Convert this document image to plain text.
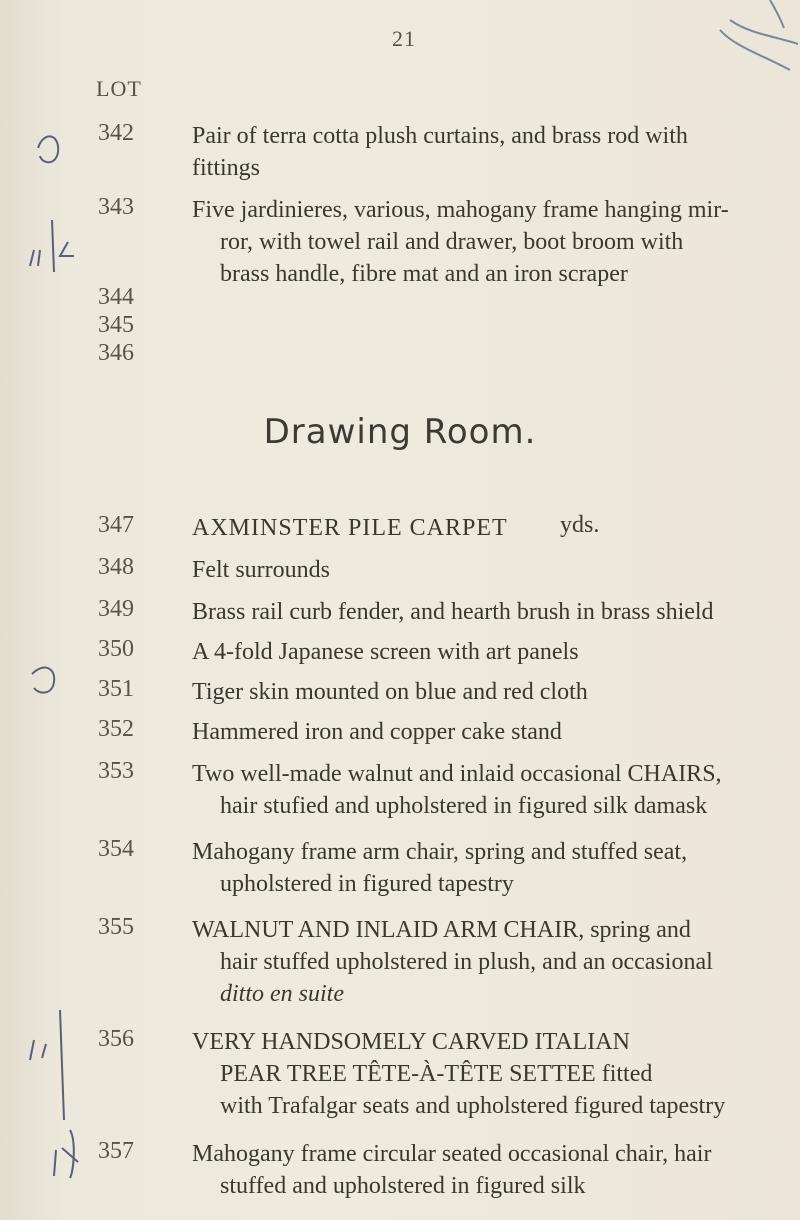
21
LOT
342 Pair of terra cotta plush curtains, and brass rod with
fittings
343 Five jardinieres, various, mahogany frame hanging mir-
ror, with towel rail and drawer, boot broom with
brass handle, fibre mat and an iron scraper
344
345
346
Drawing Room.
347 AXMINSTER PILE CARPET	yds.
348 Felt surrounds
349 Brass rail curb fender, and hearth brush in brass shield
350 A 4-fold Japanese screen with art panels
351 Tiger skin mounted on blue and red cloth
352 Hammered iron and copper cake stand
353 Two well-made walnut and inlaid occasional CHAIRS,
hair stufied and upholstered in figured silk damask
354 Mahogany frame arm chair, spring and stuffed seat,
upholstered in figured tapestry
355 WALNUT AND INLAID ARM CHAIR, spring and
hair stuffed upholstered in plush, and an occasional
ditto en suite
356 VERY HANDSOMELY CARVED ITALIAN
PEAR TREE TÊTE-À-TÊTE SETTEE fitted
with Trafalgar seats and upholstered figured tapestry
357 Mahogany frame circular seated occasional chair, hair
stuffed and upholstered in figured silk
